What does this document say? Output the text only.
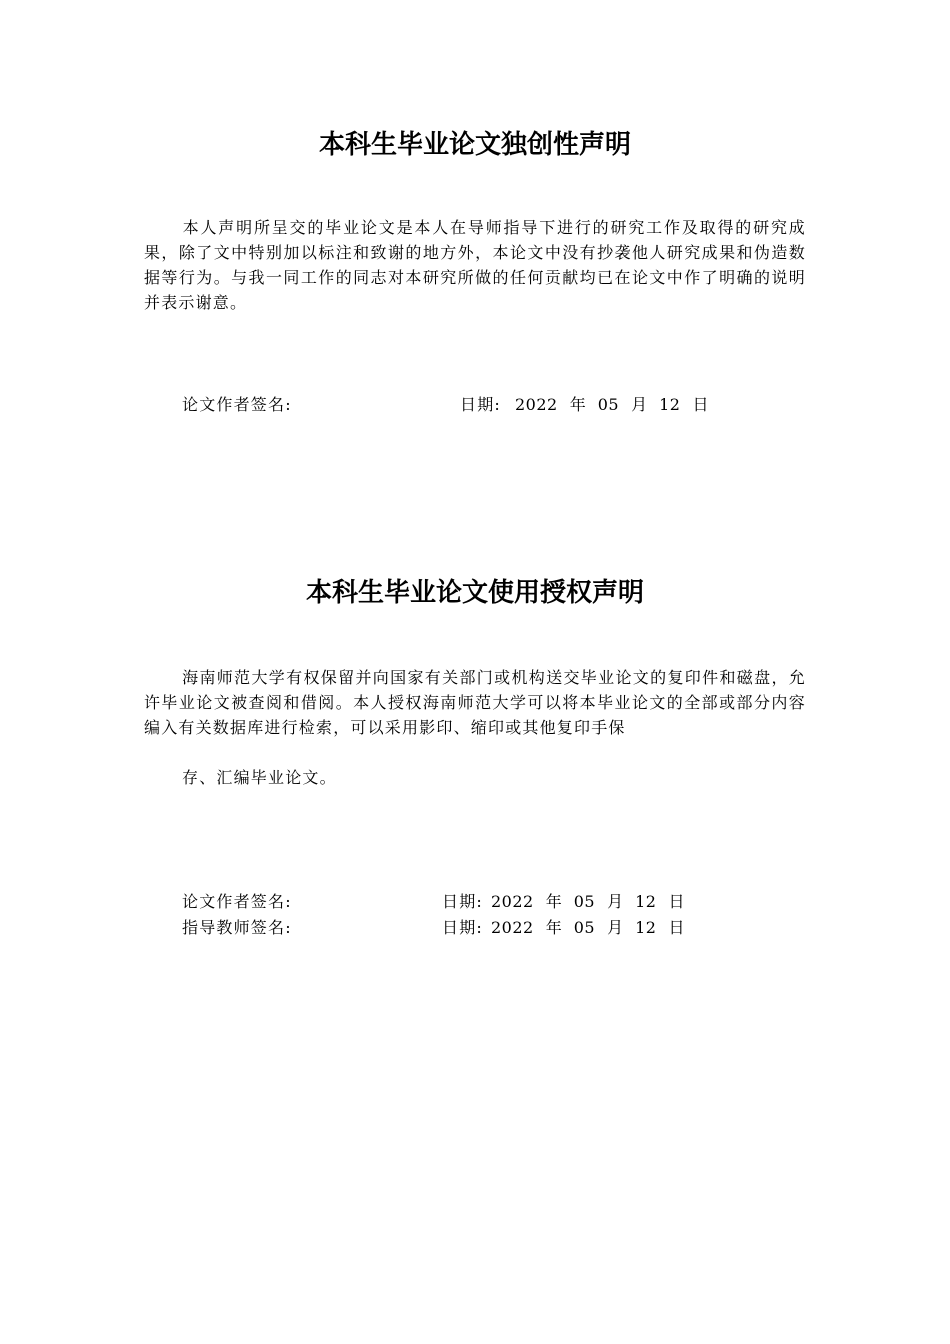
本科生毕业论文独创性声明
本人声明所呈交的毕业论文是本人在导师指导下进行的研究工作及取得的研究成果，除了文中特别加以标注和致谢的地方外，本论文中没有抄袭他人研究成果和伪造数据等行为。与我一同工作的同志对本研究所做的任何贡献均已在论文中作了明确的说明并表示谢意。
论文作者签名:	日期: 2022 年 05 月 12 日
本科生毕业论文使用授权声明
海南师范大学有权保留并向国家有关部门或机构送交毕业论文的复印件和磁盘，允许毕业论文被查阅和借阅。本人授权海南师范大学可以将本毕业论文的全部或部分内容编入有关数据库进行检索，可以采用影印、缩印或其他复印手保
存、汇编毕业论文。
论文作者签名:	日期: 2022 年 05 月 12 日
指导教师签名:	日期: 2022 年 05 月 12 日
